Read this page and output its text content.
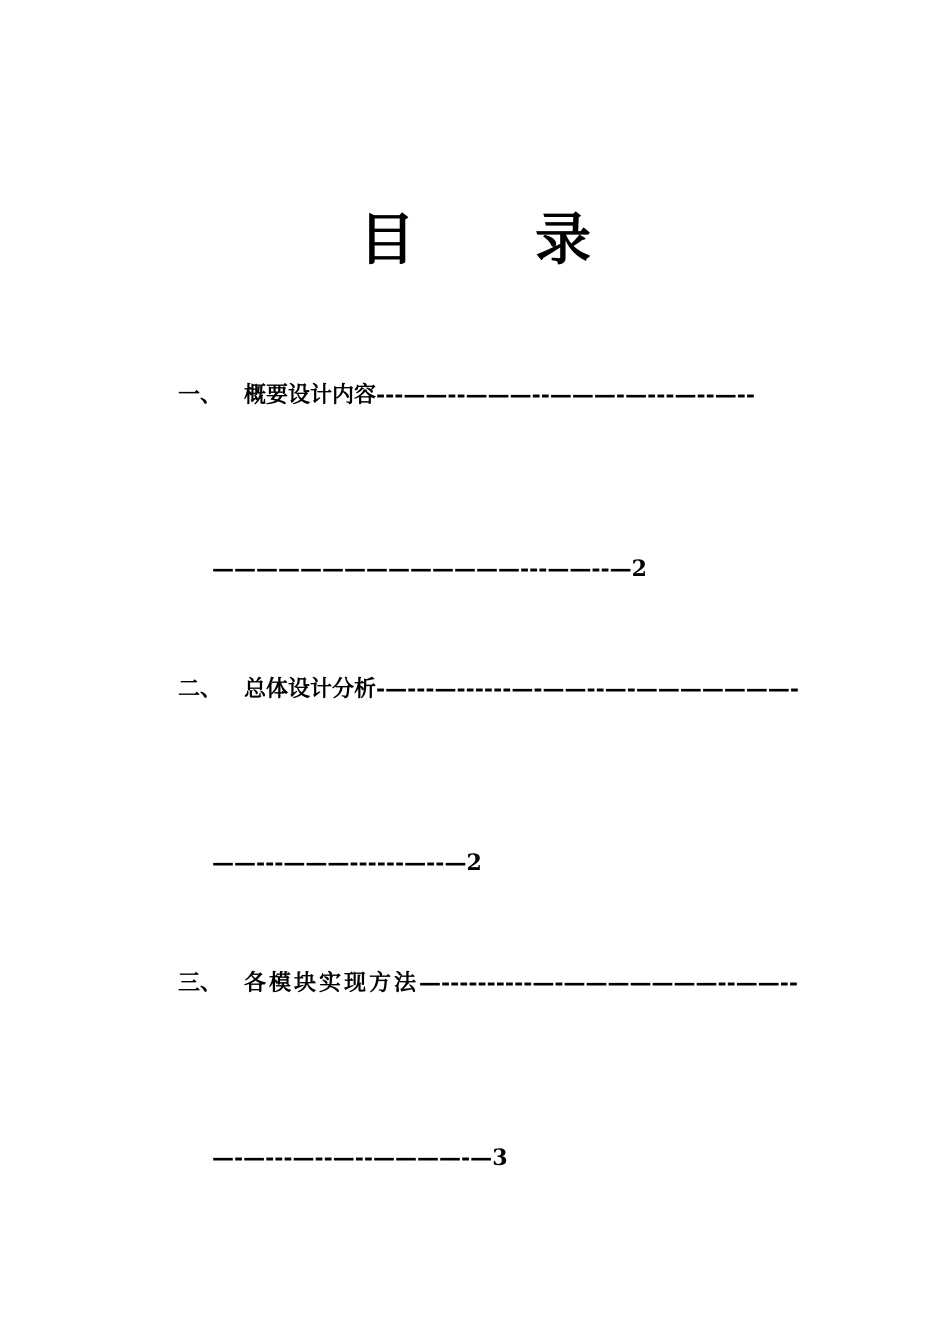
目 录
一、 概要设计内容---——--———--———-—---—--—--
——————————————---——--—2
二、 总体设计分析-—---—------—-——--—-———————-
——---———------—--—2
三、 各模块实现方法—----------—-———————--——--
—-—---—--—--————-—3
